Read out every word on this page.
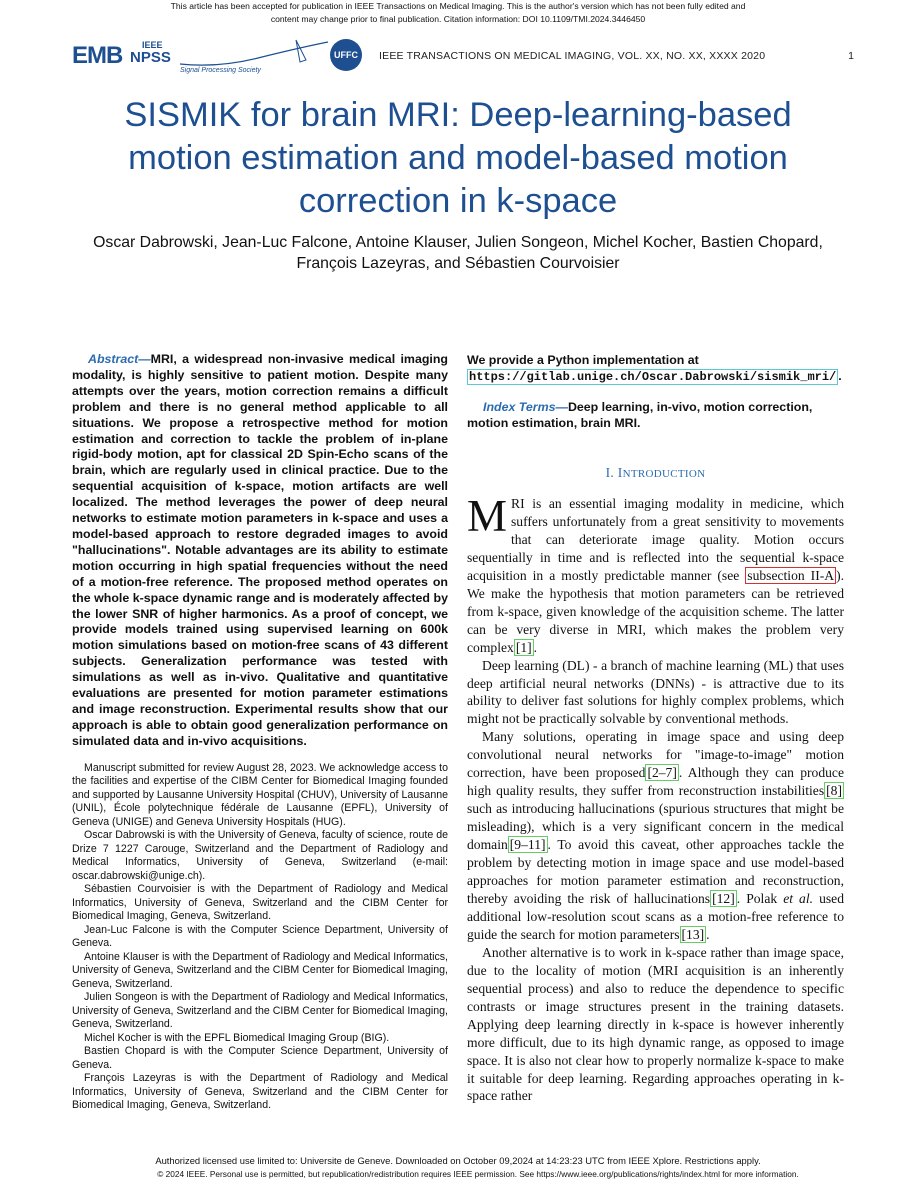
This article has been accepted for publication in IEEE Transactions on Medical Imaging. This is the author's version which has not been fully edited and
content may change prior to final publication. Citation information: DOI 10.1109/TMI.2024.3446450
EMB IEEE
NPSS
Signal Processing Society
UFFC	IEEE TRANSACTIONS ON MEDICAL IMAGING, VOL. XX, NO. XX, XXXX 2020	1
SISMIK for brain MRI: Deep-learning-based
motion estimation and model-based motion
correction in k-space
Oscar Dabrowski, Jean-Luc Falcone, Antoine Klauser, Julien Songeon, Michel Kocher, Bastien Chopard,
François Lazeyras, and Sébastien Courvoisier

Abstract—MRI, a widespread non-invasive medical imaging modality, is highly sensitive to patient motion. Despite many attempts over the years, motion correction remains a difficult problem and there is no general method applicable to all situations. We propose a retrospective method for motion estimation and correction to tackle the problem of in-plane rigid-body motion, apt for classical 2D Spin-Echo scans of the brain, which are regularly used in clinical practice. Due to the sequential acquisition of k-space, motion artifacts are well localized. The method leverages the power of deep neural networks to estimate motion parameters in k-space and uses a model-based approach to restore degraded images to avoid "hallucinations". Notable advantages are its ability to estimate motion occurring in high spatial frequencies without the need of a motion-free reference. The proposed method operates on the whole k-space dynamic range and is moderately affected by the lower SNR of higher harmonics. As a proof of concept, we provide models trained using supervised learning on 600k motion simulations based on motion-free scans of 43 different subjects. Generalization performance was tested with simulations as well as in-vivo. Qualitative and quantitative evaluations are presented for motion parameter estimations and image reconstruction. Experimental results show that our approach is able to obtain good generalization performance on simulated data and in-vivo acquisitions.

Manuscript submitted for review August 28, 2023. We acknowledge access to the facilities and expertise of the CIBM Center for Biomedical Imaging founded and supported by Lausanne University Hospital (CHUV), University of Lausanne (UNIL), École polytechnique fédérale de Lausanne (EPFL), University of Geneva (UNIGE) and Geneva University Hospitals (HUG).

Oscar Dabrowski is with the University of Geneva, faculty of science, route de Drize 7 1227 Carouge, Switzerland and the Department of Radiology and Medical Informatics, University of Geneva, Switzerland (e-mail: oscar.dabrowski@unige.ch).

Sébastien Courvoisier is with the Department of Radiology and Medical Informatics, University of Geneva, Switzerland and the CIBM Center for Biomedical Imaging, Geneva, Switzerland.

Jean-Luc Falcone is with the Computer Science Department, University of Geneva.

Antoine Klauser is with the Department of Radiology and Medical Informatics, University of Geneva, Switzerland and the CIBM Center for Biomedical Imaging, Geneva, Switzerland.

Julien Songeon is with the Department of Radiology and Medical Informatics, University of Geneva, Switzerland and the CIBM Center for Biomedical Imaging, Geneva, Switzerland.

Michel Kocher is with the EPFL Biomedical Imaging Group (BIG).

Bastien Chopard is with the Computer Science Department, University of Geneva.

François Lazeyras is with the Department of Radiology and Medical Informatics, University of Geneva, Switzerland and the CIBM Center for Biomedical Imaging, Geneva, Switzerland.

We provide a Python implementation at https://gitlab.unige.ch/Oscar.Dabrowski/sismik_mri/ .

Index Terms—Deep learning, in-vivo, motion correction, motion estimation, brain MRI.

I. INTRODUCTION

MRI is an essential imaging modality in medicine, which suffers unfortunately from a great sensitivity to movements that can deteriorate image quality. Motion occurs sequentially in time and is reflected into the sequential k-space acquisition in a mostly predictable manner (see subsection II-A ). We make the hypothesis that motion parameters can be retrieved from k-space, given knowledge of the acquisition scheme. The latter can be very diverse in MRI, which makes the problem very complex [1] .

Deep learning (DL) - a branch of machine learning (ML) that uses deep artificial neural networks (DNNs) - is attractive due to its ability to deliver fast solutions for highly complex problems, which might not be practically solvable by conventional methods.

Many solutions, operating in image space and using deep convolutional neural networks for "image-to-image" motion correction, have been proposed [2–7] . Although they can produce high quality results, they suffer from reconstruction instabilities [8] such as introducing hallucinations (spurious structures that might be misleading), which is a very significant concern in the medical domain [9–11] . To avoid this caveat, other approaches tackle the problem by detecting motion in image space and use model-based approaches for motion parameter estimation and reconstruction, thereby avoiding the risk of hallucinations [12] . Polak et al. used additional low-resolution scout scans as a motion-free reference to guide the search for motion parameters [13] .

Another alternative is to work in k-space rather than image space, due to the locality of motion (MRI acquisition is an inherently sequential process) and also to reduce the dependence to specific contrasts or image structures present in the training datasets. Applying deep learning directly in k-space is however inherently more difficult, due to its high dynamic range, as opposed to image space. It is also not clear how to properly normalize k-space to make it suitable for deep learning. Regarding approaches operating in k-space rather

Authorized licensed use limited to: Universite de Geneve. Downloaded on October 09,2024 at 14:23:23 UTC from IEEE Xplore. Restrictions apply.
© 2024 IEEE. Personal use is permitted, but republication/redistribution requires IEEE permission. See https://www.ieee.org/publications/rights/index.html for more information.
